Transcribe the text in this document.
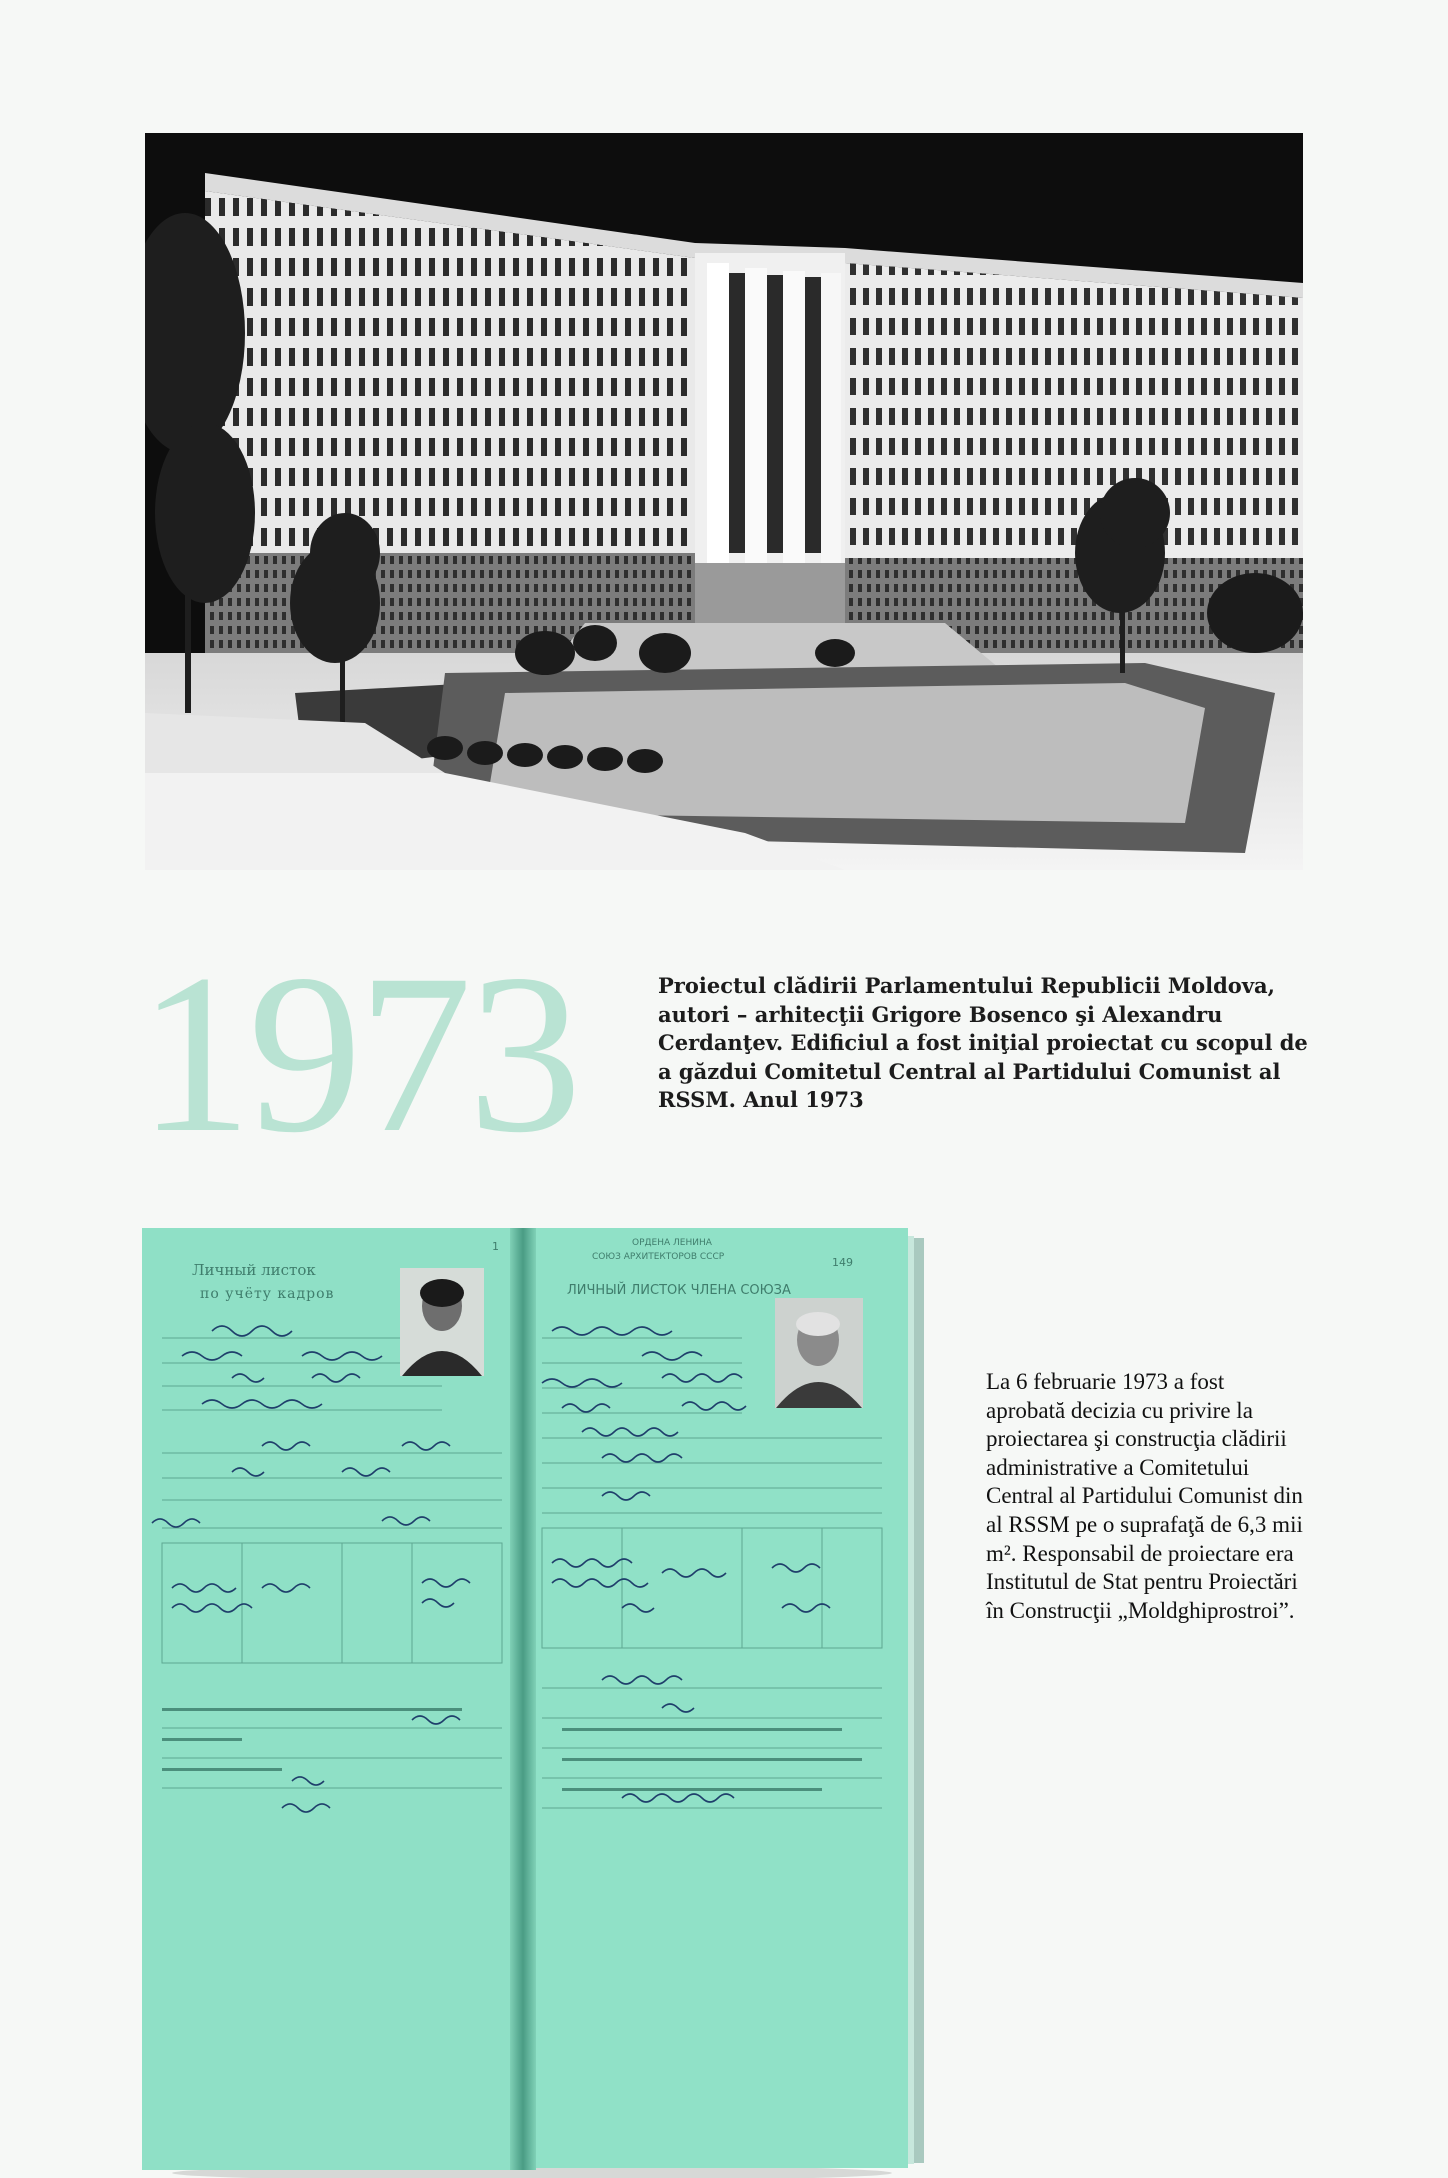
1973	Proiectul clădirii Parlamentului Republicii Moldova, autori – arhitecţii Grigore Bosenco şi Alexandru Cerdanţev. Edificiul a fost iniţial proiectat cu scopul de a găzdui Comitetul Central al Partidului Comunist al RSSM. Anul 1973

Личный листок
по учёту кадров
ОРДЕНА ЛЕНИНА
СОЮЗ АРХИТЕКТОРОВ СССР
ЛИЧНЫЙ ЛИСТОК ЧЛЕНА СОЮЗА
1
149

La 6 februarie 1973 a fost aprobată decizia cu privire la proiectarea şi construcţia clădirii administrative a Comitetului Central al Partidului Comunist din al RSSM pe o suprafaţă de 6,3 mii m². Responsabil de proiectare era Institutul de Stat pentru Proiectări în Construcţii „Moldghiprostroi”.
